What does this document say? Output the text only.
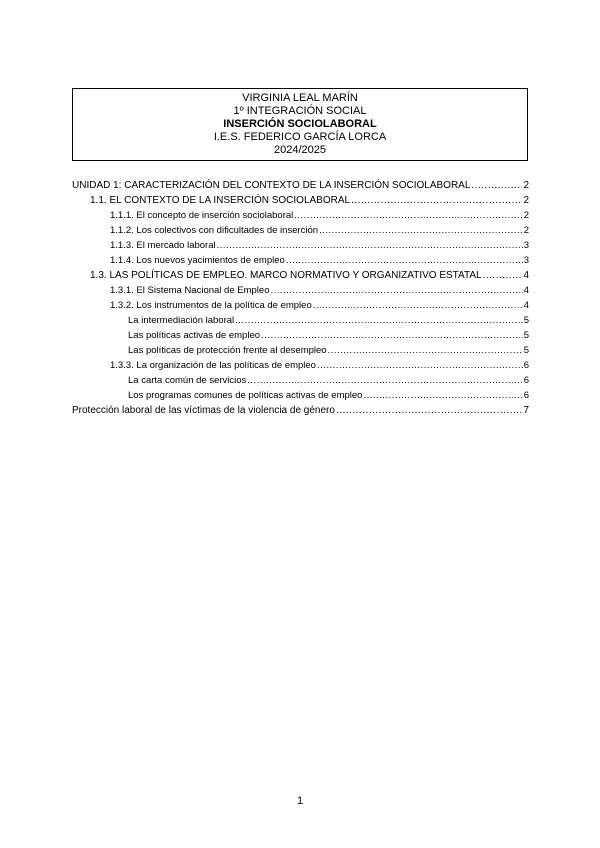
VIRGINIA LEAL MARÍN
1º INTEGRACIÓN SOCIAL
INSERCIÓN SOCIOLABORAL
I.E.S. FEDERICO GARCÍA LORCA
2024/2025
UNIDAD 1: CARACTERIZACIÓN DEL CONTEXTO DE LA INSERCIÓN SOCIOLABORAL .....	2
1.1. EL CONTEXTO DE LA INSERCIÓN SOCIOLABORAL .....	2
1.1.1. El concepto de inserción sociolaboral .....	2
1.1.2. Los colectivos con dificultades de inserción .....	2
1.1.3. El mercado laboral .....	3
1.1.4. Los nuevos yacimientos de empleo .....	3
1.3. LAS POLÍTICAS DE EMPLEO. MARCO NORMATIVO Y ORGANIZATIVO ESTATAL .....	4
1.3.1. El Sistema Nacional de Empleo .....	4
1.3.2. Los instrumentos de la política de empleo .....	4
La intermediación laboral .....	5
Las políticas activas de empleo .....	5
Las políticas de protección frente al desempleo .....	5
1.3.3. La organización de las políticas de empleo .....	6
La carta común de servicios .....	6
Los programas comunes de políticas activas de empleo .....	6
Protección laboral de las víctimas de la violencia de género .....	7
1
